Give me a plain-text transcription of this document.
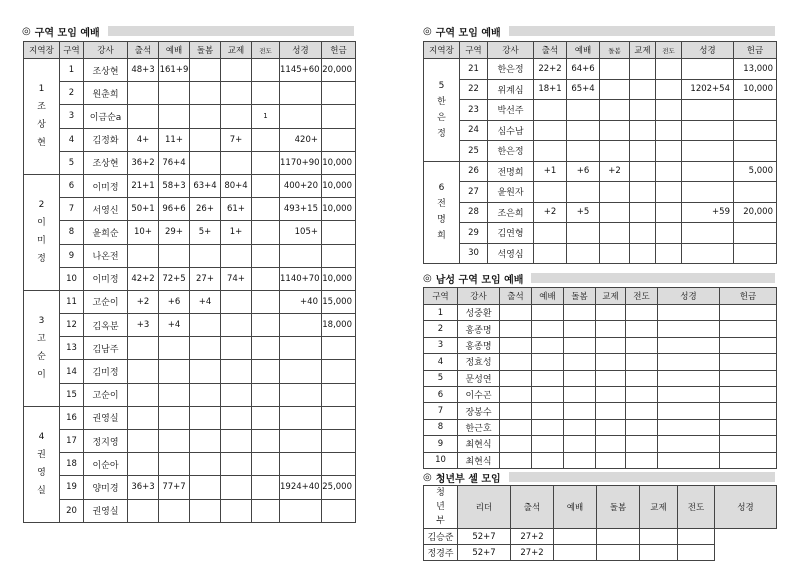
◎ 구역 모임 예배
지역장	구역	강사	출석	예배	돌봄	교제	전도	성경	헌금

1
조
상
현	1	조상현	48+3	161+9				1145+60	20,000
	2	원춘희							
	3	이금순a					1		
	4	김정화	4+	11+		7+		420+	
	5	조상현	36+2	76+4				1170+90	10,000

2
이
미
정	6	이미정	21+1	58+3	63+4	80+4		400+20	10,000
	7	서영신	50+1	96+6	26+	61+		493+15	10,000
	8	윤희순	10+	29+	5+	1+		105+	
	9	나온전							
	10	이미정	42+2	72+5	27+	74+		1140+70	10,000

3
고
순
이	11	고순이	+2	+6	+4			+40	15,000
	12	김옥분	+3	+4					18,000
	13	김남주							
	14	김미정							
	15	고순이							

4
권
영
실	16	권영실							
	17	정지영							
	18	이순아							
	19	양미경	36+3	77+7				1924+40	25,000
	20	권영실							
◎ 구역 모임 예배
지역장	구역	강사	출석	예배	돌봄	교제	전도	성경	헌금

5
한
은
정	21	한은정	22+2	64+6					13,000
	22	위계심	18+1	65+4				1202+54	10,000
	23	박선주							
	24	심수남							
	25	한은정							

6
전
명
희	26	전명희	+1	+6	+2				5,000
	27	윤원자							
	28	조은희	+2	+5				+59	20,000
	29	김연형							
	30	석영심							
◎ 남성 구역 모임 예배
구역	강사	출석	예배	돌봄	교제	전도	성경	헌금
1	성중환							
2	홍종명							
3	홍종명							
4	정효성							
5	문성연							
6	이수곤							
7	장봉수							
8	한근호							
9	최현식							
10	최현식							
◎ 청년부 셀 모임
청
년
부	리더	출석	예배	돌봄	교제	전도	성경
김승준	52+7	27+2					
정경주	52+7	27+2					
